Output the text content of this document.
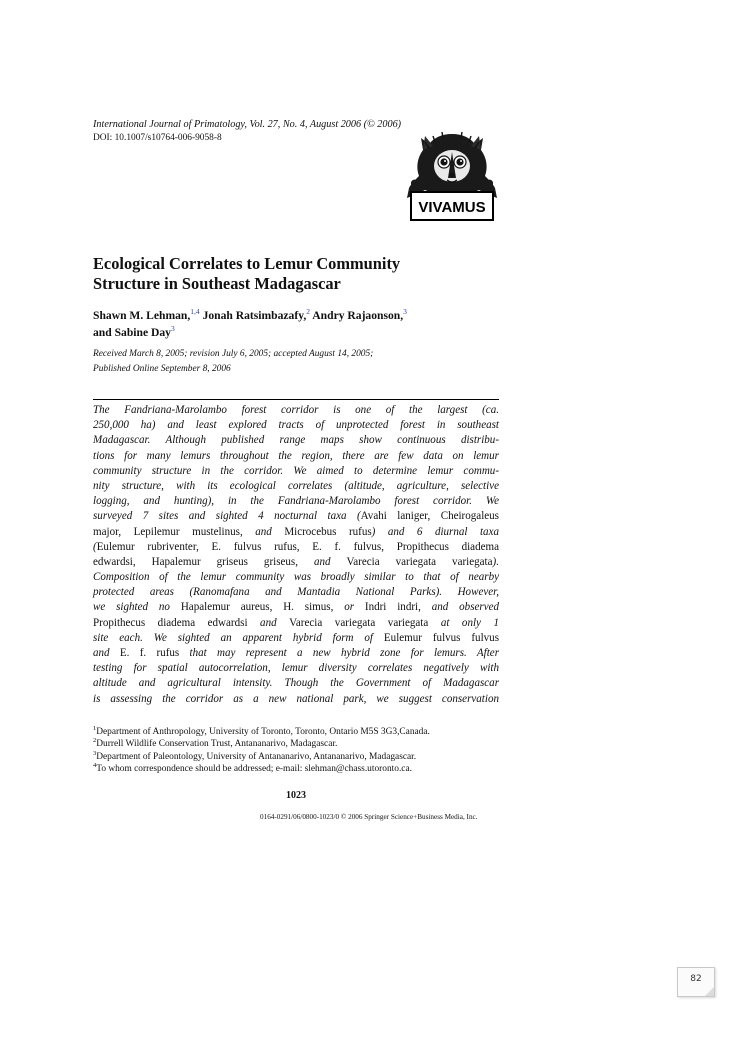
International Journal of Primatology, Vol. 27, No. 4, August 2006 (© 2006)
DOI: 10.1007/s10764-006-9058-8
VIVAMUS
Ecological Correlates to Lemur Community
Structure in Southeast Madagascar
Shawn M. Lehman,$^{1,4}$ Jonah Ratsimbazafy,$^2$ Andry Rajaonson,$^3$
and Sabine Day$^3$
Received March 8, 2005; revision July 6, 2005; accepted August 14, 2005;
Published Online September 8, 2006
The Fandriana-Marolambo forest corridor is one of the largest (ca.
250,000 ha) and least explored tracts of unprotected forest in southeast
Madagascar. Although published range maps show continuous distribu-
tions for many lemurs throughout the region, there are few data on lemur
community structure in the corridor. We aimed to determine lemur commu-
nity structure, with its ecological correlates (altitude, agriculture, selective
logging, and hunting), in the Fandriana-Marolambo forest corridor. We
surveyed 7 sites and sighted 4 nocturnal taxa (Avahi laniger, Cheirogaleus
major, Lepilemur mustelinus, and Microcebus rufus) and 6 diurnal taxa
(Eulemur rubriventer, E. fulvus rufus, E. f. fulvus, Propithecus diadema
edwardsi, Hapalemur griseus griseus, and Varecia variegata variegata).
Composition of the lemur community was broadly similar to that of nearby
protected areas (Ranomafana and Mantadia National Parks). However,
we sighted no Hapalemur aureus, H. simus, or Indri indri, and observed
Propithecus diadema edwardsi and Varecia variegata variegata at only 1
site each. We sighted an apparent hybrid form of Eulemur fulvus fulvus
and E. f. rufus that may represent a new hybrid zone for lemurs. After
testing for spatial autocorrelation, lemur diversity correlates negatively with
altitude and agricultural intensity. Though the Government of Madagascar
is assessing the corridor as a new national park, we suggest conservation
$^1$Department of Anthropology, University of Toronto, Toronto, Ontario M5S 3G3,Canada.
$^2$Durrell Wildlife Conservation Trust, Antananarivo, Madagascar.
$^3$Department of Paleontology, University of Antananarivo, Antananarivo, Madagascar.
$^4$To whom correspondence should be addressed; e-mail: slehman@chass.utoronto.ca.
1023
0164-0291/06/0800-1023/0 © 2006 Springer Science+Business Media, Inc.
82
